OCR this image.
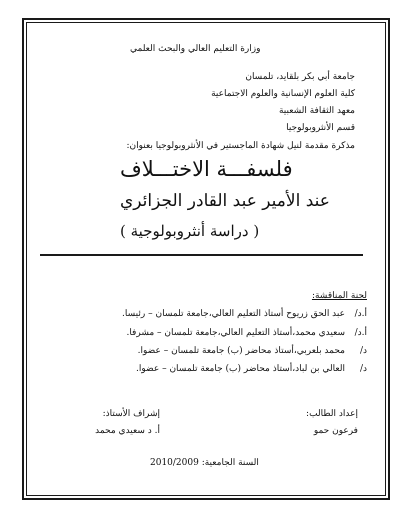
وزارة التعليم العالي والبحث العلمي
جامعة أبي بكر بلقايد، تلمسان
كلية العلوم الإنسانية والعلوم الاجتماعية
معهد الثقافة الشعبية
قسم الأنثروبولوجيا
مذكرة مقدمة لنيل شهادة الماجستير في الأنثروبولوجيا بعنوان:
فلسفـــة الاختـــلاف
عند الأمير عبد القادر الجزائري
( دراسة أنثروبولوجية )
لجنة المناقشة:
أ.د/
عبد الحق زريوح أستاذ التعليم العالي،جامعة تلمسان – رئيسا.
أ.د/
سعيدي محمد،أستاذ التعليم العالي،جامعة تلمسان – مشرفا.
د/
محمد بلعربي،أستاذ محاضر (ب) جامعة تلمسان – عضوا.
د/
العالي بن لباد،أستاذ محاضر (ب) جامعة تلمسان – عضوا.
إعداد الطالب:
فرعون حمو
إشراف الأستاذ:
أ. د سعيدي محمد
السنة الجامعية: 2010/2009
